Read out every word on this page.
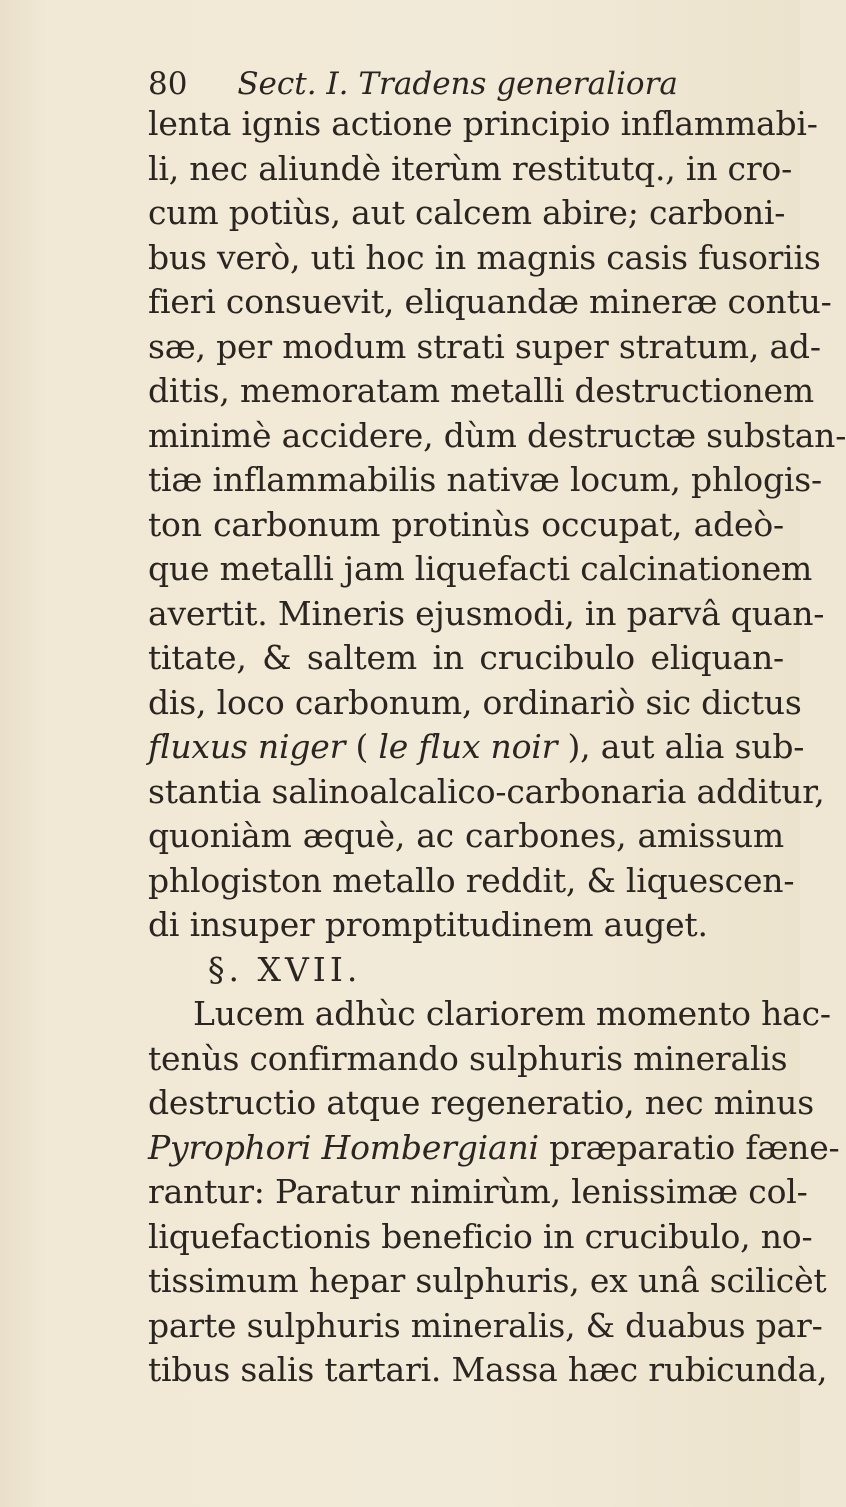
80 Sect. I. Tradens generaliora
lenta ignis actione principio inflammabi-
li, nec aliundè iterùm restitutq., in cro-
cum potiùs, aut calcem abire; carboni-
bus verò, uti hoc in magnis casis fusoriis
fieri consuevit, eliquandæ mineræ contu-
sæ, per modum strati super stratum, ad-
ditis, memoratam metalli destructionem
minimè accidere, dùm destructæ substan-
tiæ inflammabilis nativæ locum, phlogis-
ton carbonum protinùs occupat, adeò-
que metalli jam liquefacti calcinationem
avertit. Mineris ejusmodi, in parvâ quan-
titate, & saltem in crucibulo eliquan-
dis, loco carbonum, ordinariò sic dictus
fluxus niger ( le flux noir ), aut alia sub-
stantia salinoalcalico-carbonaria additur,
quoniàm æquè, ac carbones, amissum
phlogiston metallo reddit, & liquescen-
di insuper promptitudinem auget.
§. XVII.
Lucem adhùc clariorem momento hac-
tenùs confirmando sulphuris mineralis
destructio atque regeneratio, nec minus
Pyrophori Hombergiani præparatio fæne-
rantur: Paratur nimirùm, lenissimæ col-
liquefactionis beneficio in crucibulo, no-
tissimum hepar sulphuris, ex unâ scilicèt
parte sulphuris mineralis, & duabus par-
tibus salis tartari. Massa hæc rubicunda,
